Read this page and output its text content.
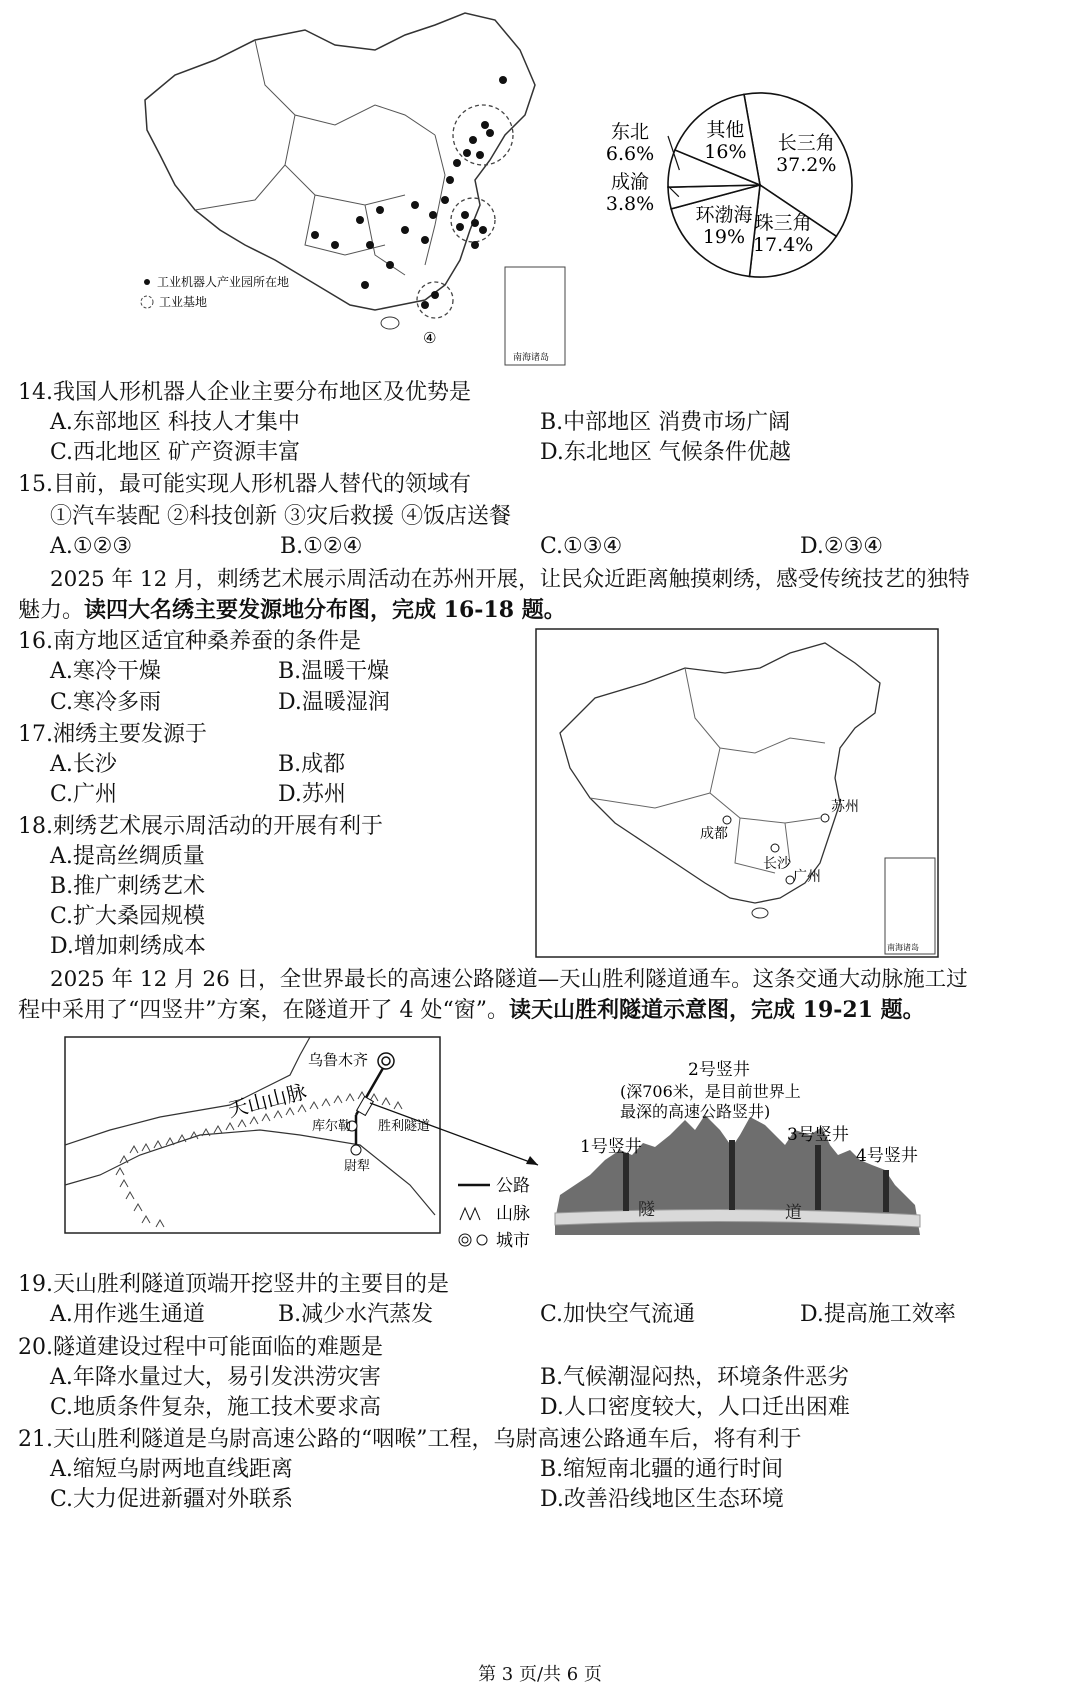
工业机器人产业园所在地
工业基地
④
南海诸岛
长三角
37.2%
珠三角
17.4%
环渤海
19%
成渝
3.8%
东北
6.6%
其他
16%
14.我国人形机器人企业主要分布地区及优势是
A.东部地区 科技人才集中	B.中部地区 消费市场广阔
C.西北地区 矿产资源丰富	D.东北地区 气候条件优越
15.目前，最可能实现人形机器人替代的领域有
①汽车装配 ②科技创新 ③灾后救援 ④饭店送餐
A.①②③	B.①②④	C.①③④	D.②③④
2025 年 12 月，刺绣艺术展示周活动在苏州开展，让民众近距离触摸刺绣，感受传统技艺的独特
魅力。读四大名绣主要发源地分布图，完成 16-18 题。
16.南方地区适宜种桑养蚕的条件是
A.寒冷干燥	B.温暖干燥
C.寒冷多雨	D.温暖湿润
17.湘绣主要发源于
A.长沙	B.成都
C.广州	D.苏州
18.刺绣艺术展示周活动的开展有利于
A.提高丝绸质量
B.推广刺绣艺术
C.扩大桑园规模
D.增加刺绣成本
苏州
成都
长沙
广州
南海诸岛
2025 年 12 月 26 日，全世界最长的高速公路隧道—天山胜利隧道通车。这条交通大动脉施工过
程中采用了“四竖井”方案，在隧道开了 4 处“窗”。读天山胜利隧道示意图，完成 19-21 题。
天山山脉
乌鲁木齐
库尔勒 胜利隧道
尉犁
公路
山脉
城市
隧	道
2号竖井
(深706米，是目前世界上
最深的高速公路竖井)
1号竖井
3号竖井
4号竖井
19.天山胜利隧道顶端开挖竖井的主要目的是
A.用作逃生通道	B.减少水汽蒸发	C.加快空气流通	D.提高施工效率
20.隧道建设过程中可能面临的难题是
A.年降水量过大，易引发洪涝灾害	B.气候潮湿闷热，环境条件恶劣
C.地质条件复杂，施工技术要求高	D.人口密度较大，人口迁出困难
21.天山胜利隧道是乌尉高速公路的“咽喉”工程，乌尉高速公路通车后，将有利于
A.缩短乌尉两地直线距离	B.缩短南北疆的通行时间
C.大力促进新疆对外联系	D.改善沿线地区生态环境
第 3 页/共 6 页
